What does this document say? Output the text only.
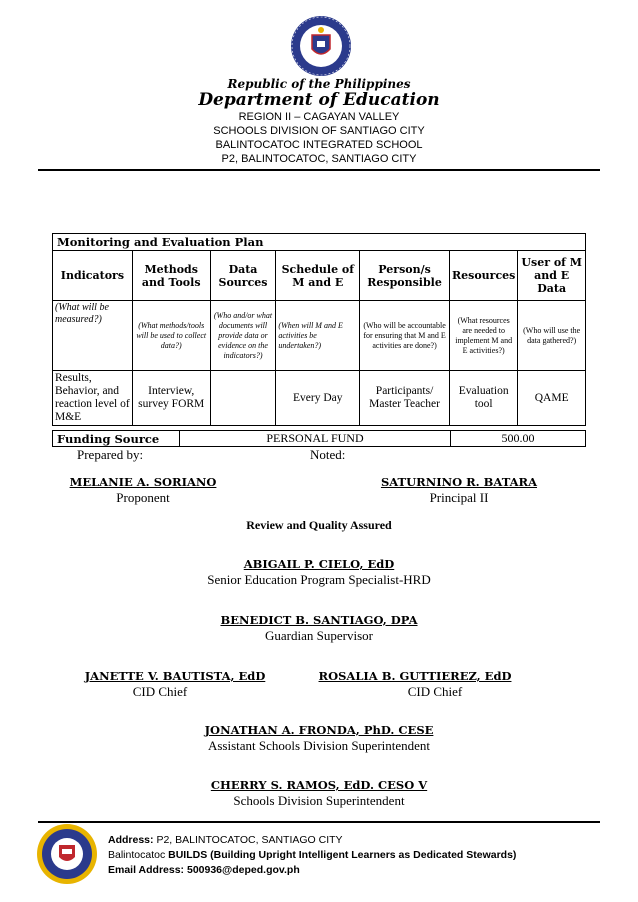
Republic of the Philippines
Department of Education
REGION II – CAGAYAN VALLEY
SCHOOLS DIVISION OF SANTIAGO CITY
BALINTOCATOC INTEGRATED SCHOOL
P2, BALINTOCATOC, SANTIAGO CITY
Monitoring and Evaluation Plan						
Indicators	Methods and Tools	Data Sources	Schedule of M and E	Person/s Responsible	Resources	User of M and E Data
(What will be measured?)	(What methods/tools will be used to collect data?)	(Who and/or what documents will provide data or evidence on the indicators?)	(When will M and E activities be undertaken?)	(Who will be accountable for ensuring that M and E activities are done?)	(What resources are needed to implement M and E activities?)	(Who will use the data gathered?)
Results, Behavior, and reaction level of M&E	Interview, survey FORM		Every Day	Participants/ Master Teacher	Evaluation tool	QAME
Funding Source	PERSONAL FUND	500.00
Prepared by:	Noted:
MELANIE A. SORIANO
Proponent
SATURNINO R. BATARA
Principal II
Review and Quality Assured
ABIGAIL P. CIELO, EdD
Senior Education Program Specialist-HRD
BENEDICT B. SANTIAGO, DPA
Guardian Supervisor
JANETTE V. BAUTISTA, EdD
CID Chief
ROSALIA B. GUTTIEREZ, EdD
CID Chief
JONATHAN A. FRONDA, PhD. CESE
Assistant Schools Division Superintendent
CHERRY S. RAMOS, EdD. CESO V
Schools Division Superintendent
Address: P2, BALINTOCATOC, SANTIAGO CITY
Balintocatoc BUILDS (Building Upright Intelligent Learners as Dedicated Stewards)
Email Address: 500936@deped.gov.ph
